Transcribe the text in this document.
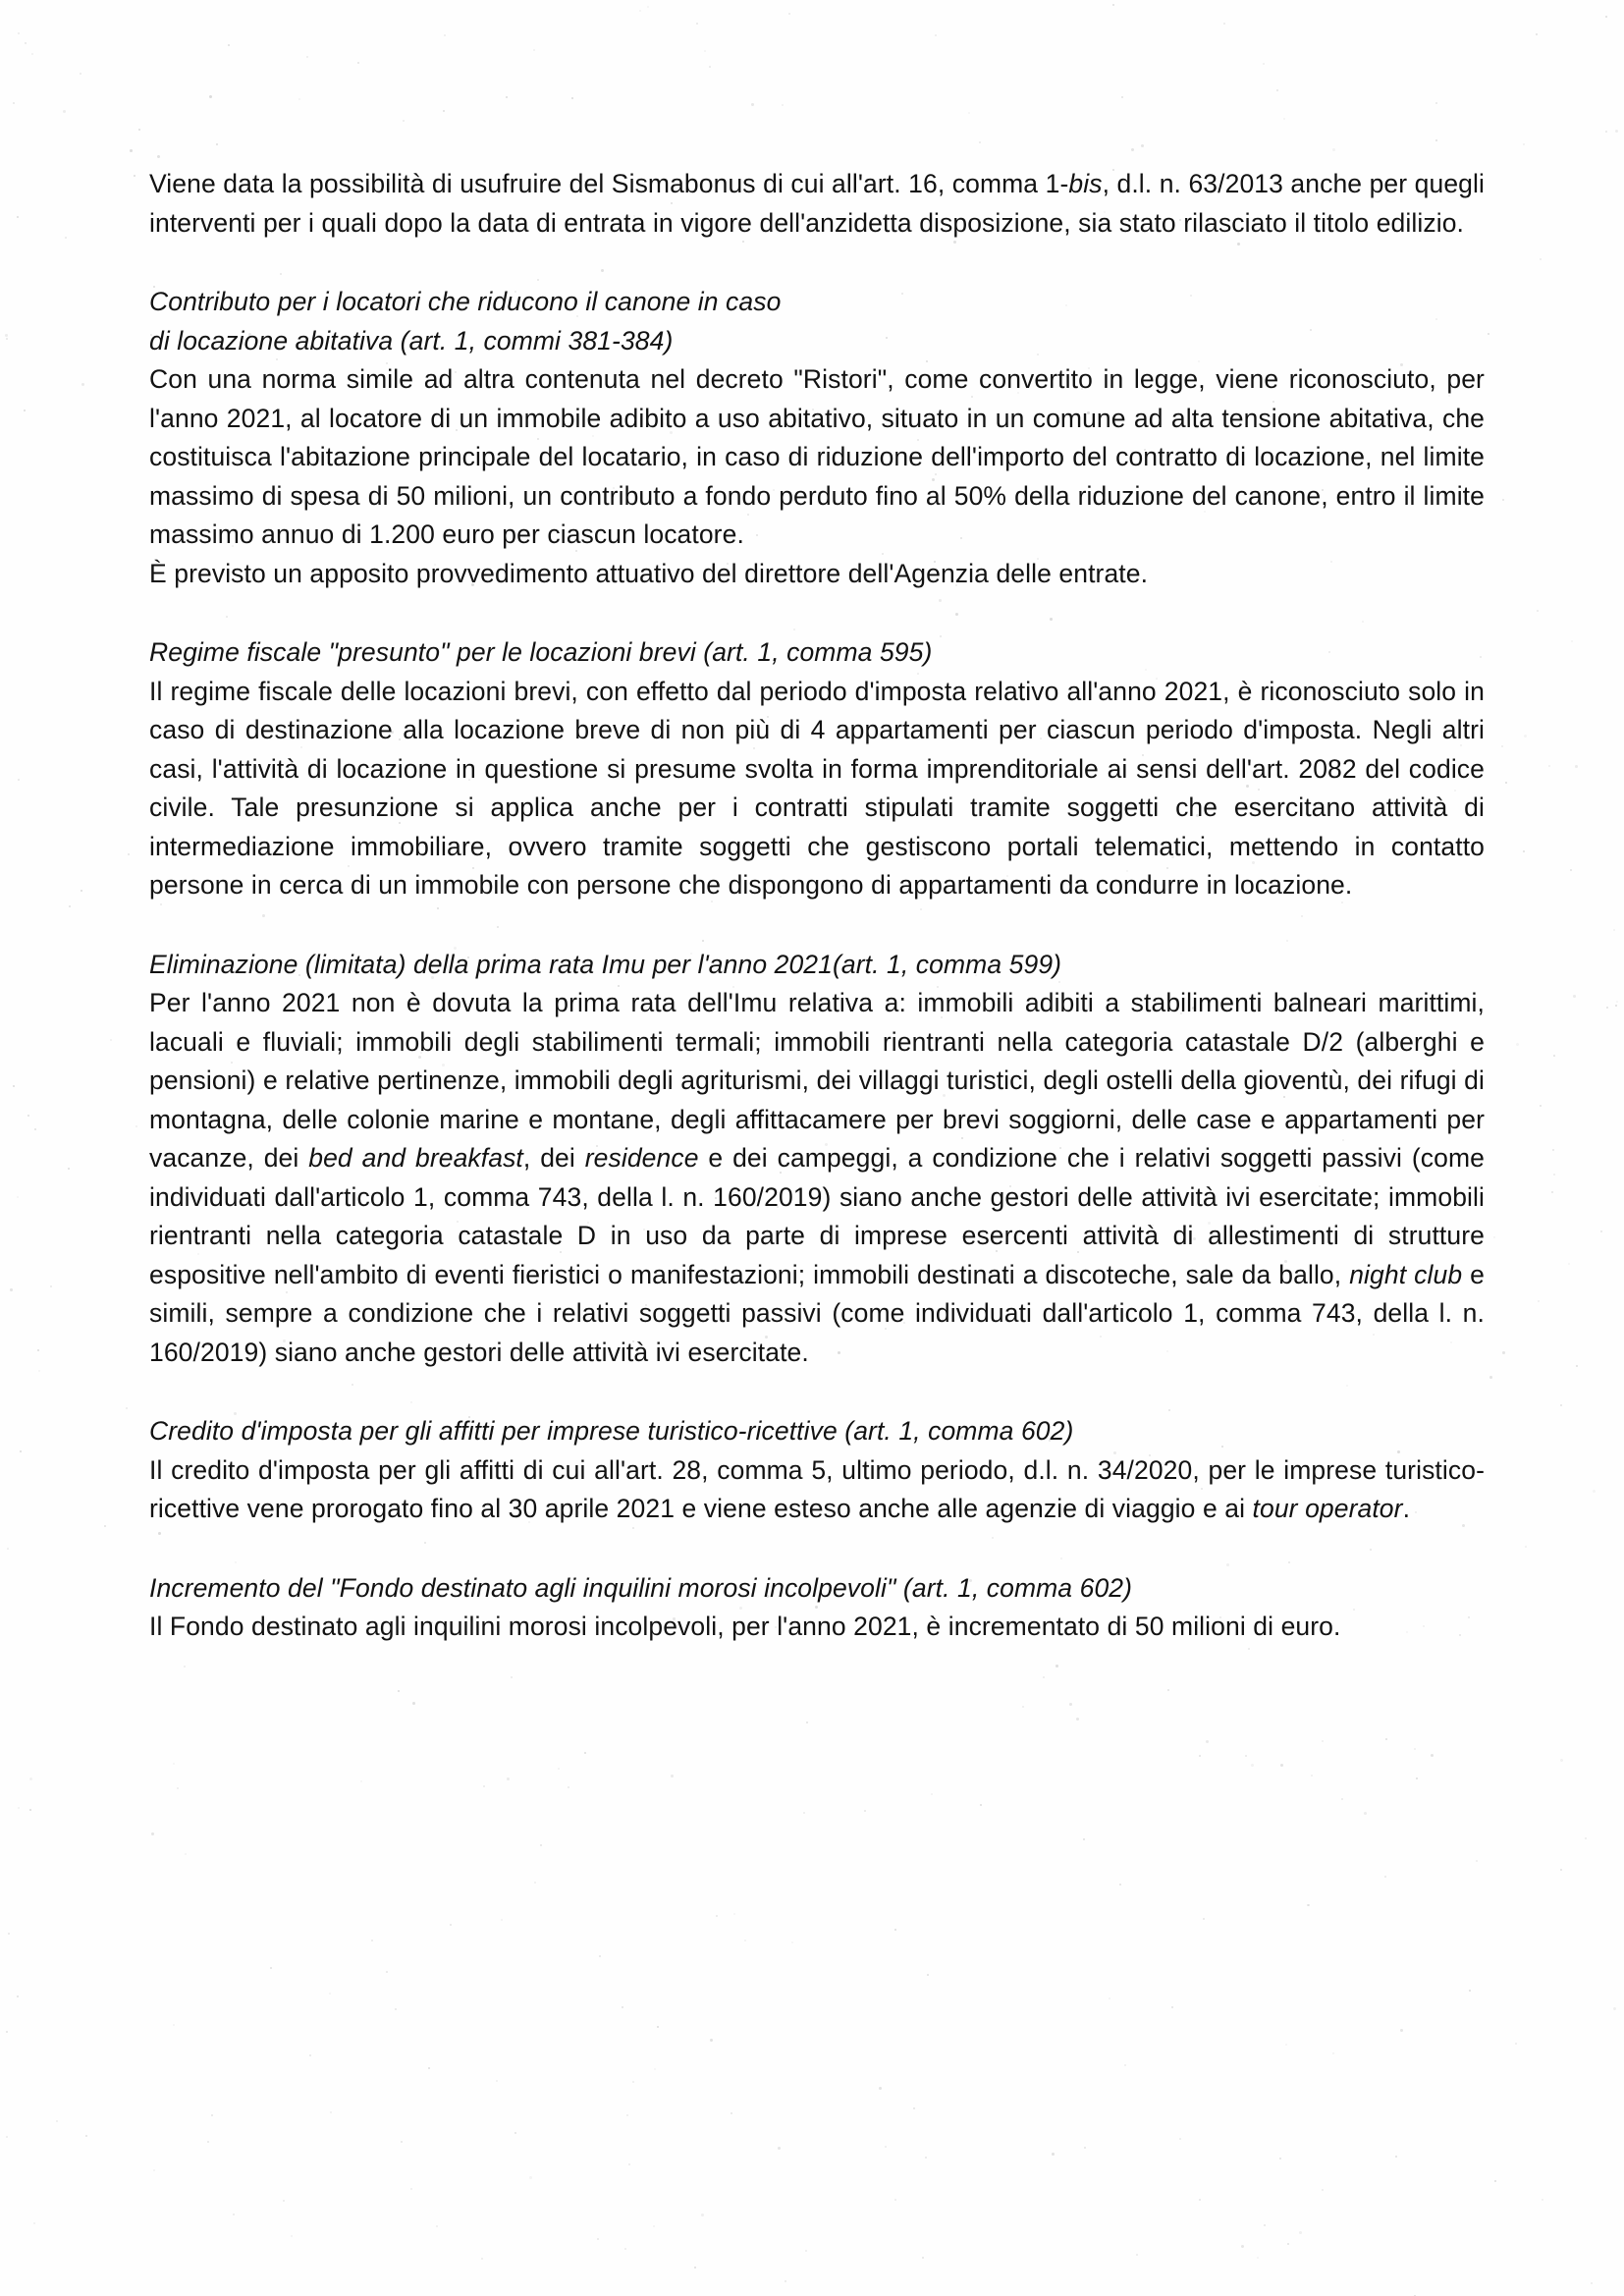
Viene data la possibilità di usufruire del Sismabonus di cui all'art. 16, comma 1-bis, d.l. n. 63/2013 anche per quegli interventi per i quali dopo la data di entrata in vigore dell'anzidetta disposizione, sia stato rilasciato il titolo edilizio.

Contributo per i locatori che riducono il canone in caso

di locazione abitativa (art. 1, commi 381-384)

Con una norma simile ad altra contenuta nel decreto "Ristori", come convertito in legge, viene riconosciuto, per l'anno 2021, al locatore di un immobile adibito a uso abitativo, situato in un comune ad alta tensione abitativa, che costituisca l'abitazione principale del locatario, in caso di riduzione dell'importo del contratto di locazione, nel limite massimo di spesa di 50 milioni, un contributo a fondo perduto fino al 50% della riduzione del canone, entro il limite massimo annuo di 1.200 euro per ciascun locatore.

È previsto un apposito provvedimento attuativo del direttore dell'Agenzia delle entrate.

Regime fiscale "presunto" per le locazioni brevi (art. 1, comma 595)

Il regime fiscale delle locazioni brevi, con effetto dal periodo d'imposta relativo all'anno 2021, è riconosciuto solo in caso di destinazione alla locazione breve di non più di 4 appartamenti per ciascun periodo d'imposta. Negli altri casi, l'attività di locazione in questione si presume svolta in forma imprenditoriale ai sensi dell'art. 2082 del codice civile. Tale presunzione si applica anche per i contratti stipulati tramite soggetti che esercitano attività di intermediazione immobiliare, ovvero tramite soggetti che gestiscono portali telematici, mettendo in contatto persone in cerca di un immobile con persone che dispongono di appartamenti da condurre in locazione.

Eliminazione (limitata) della prima rata Imu per l'anno 2021(art. 1, comma 599)

Per l'anno 2021 non è dovuta la prima rata dell'Imu relativa a: immobili adibiti a stabilimenti balneari marittimi, lacuali e fluviali; immobili degli stabilimenti termali; immobili rientranti nella categoria catastale D/2 (alberghi e pensioni) e relative pertinenze, immobili degli agriturismi, dei villaggi turistici, degli ostelli della gioventù, dei rifugi di montagna, delle colonie marine e montane, degli affittacamere per brevi soggiorni, delle case e appartamenti per vacanze, dei bed and breakfast, dei residence e dei campeggi, a condizione che i relativi soggetti passivi (come individuati dall'articolo 1, comma 743, della l. n. 160/2019) siano anche gestori delle attività ivi esercitate; immobili rientranti nella categoria catastale D in uso da parte di imprese esercenti attività di allestimenti di strutture espositive nell'ambito di eventi fieristici o manifestazioni; immobili destinati a discoteche, sale da ballo, night club e simili, sempre a condizione che i relativi soggetti passivi (come individuati dall'articolo 1, comma 743, della l. n. 160/2019) siano anche gestori delle attività ivi esercitate.

Credito d'imposta per gli affitti per imprese turistico-ricettive (art. 1, comma 602)

Il credito d'imposta per gli affitti di cui all'art. 28, comma 5, ultimo periodo, d.l. n. 34/2020, per le imprese turistico-ricettive vene prorogato fino al 30 aprile 2021 e viene esteso anche alle agenzie di viaggio e ai tour operator.

Incremento del "Fondo destinato agli inquilini morosi incolpevoli" (art. 1, comma 602)

Il Fondo destinato agli inquilini morosi incolpevoli, per l'anno 2021, è incrementato di 50 milioni di euro.
